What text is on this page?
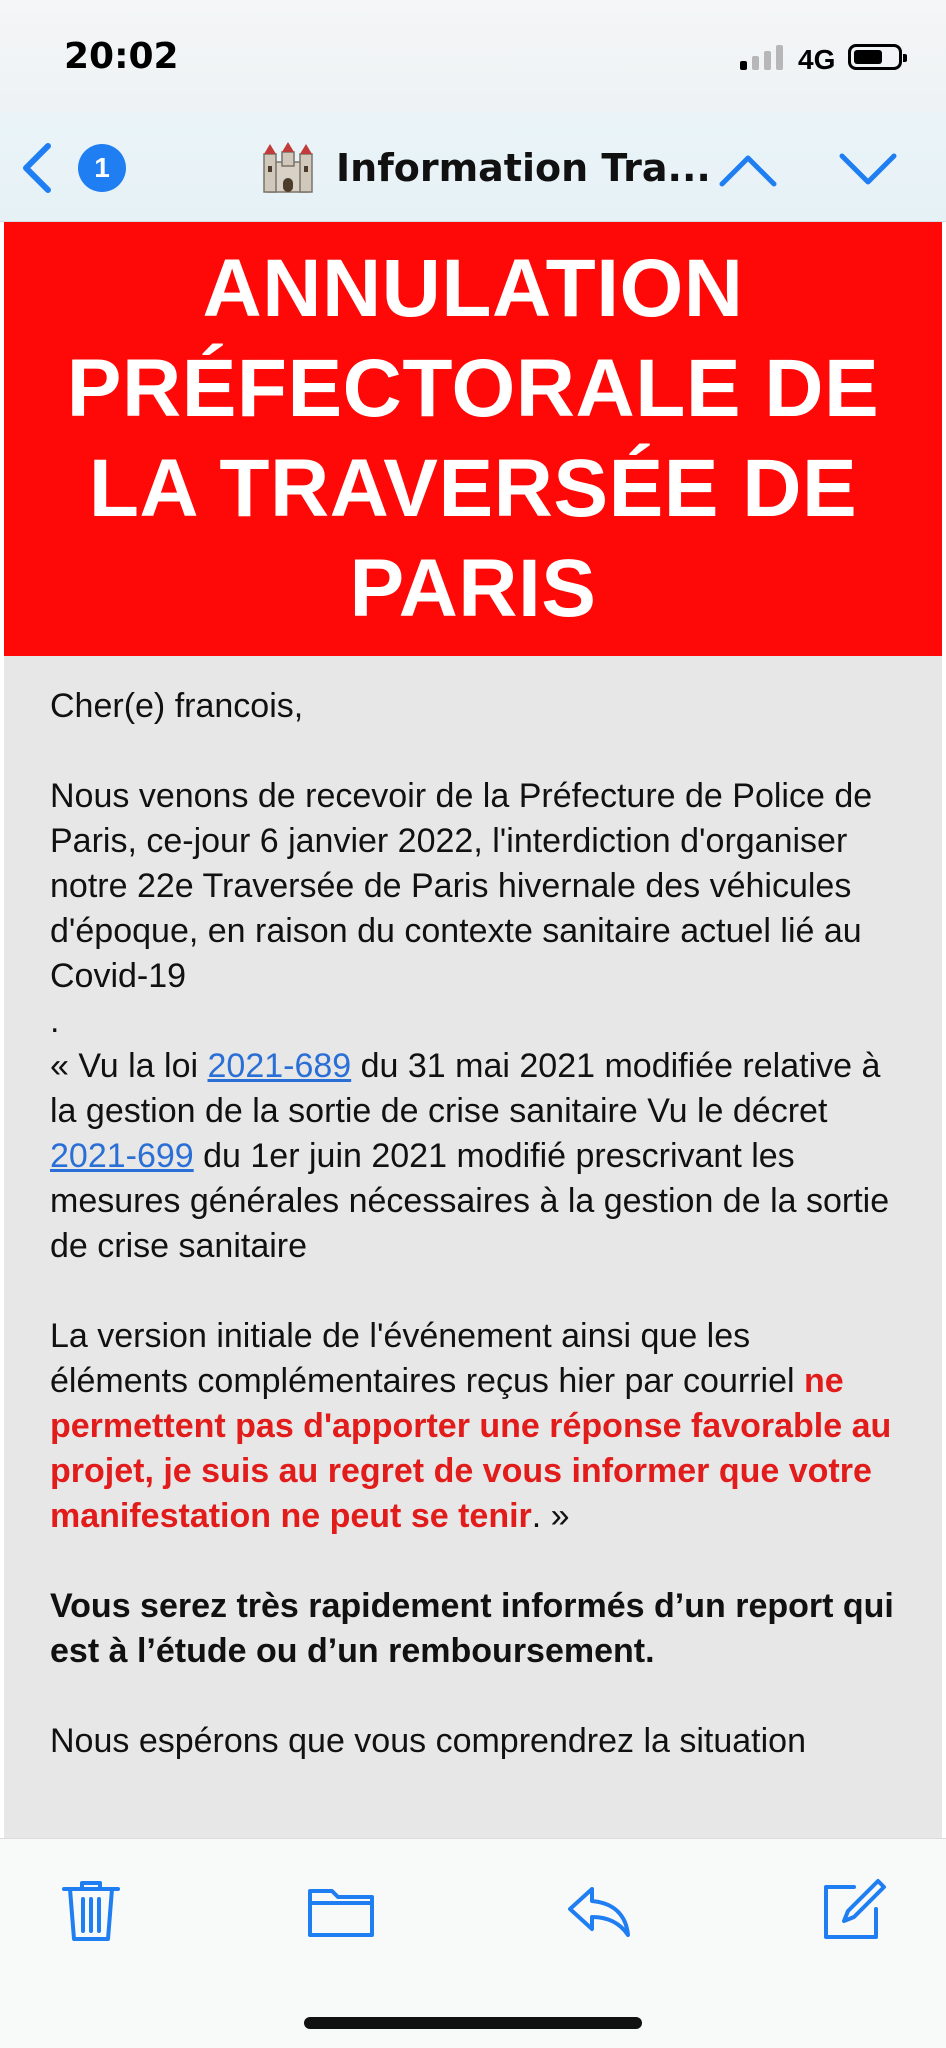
20:02	4G
1	Information Tra...
ANNULATION PRÉFECTORALE DE LA TRAVERSÉE DE PARIS

Cher(e) francois,

Nous venons de recevoir de la Préfecture de Police de Paris, ce-jour 6 janvier 2022, l'interdiction d'organiser notre 22e Traversée de Paris hivernale des véhicules d'époque, en raison du contexte sanitaire actuel lié au Covid-19

.

« Vu la loi 2021-689 du 31 mai 2021 modifiée relative à la gestion de la sortie de crise sanitaire Vu le décret 2021-699 du 1er juin 2021 modifié prescrivant les mesures générales nécessaires à la gestion de la sortie de crise sanitaire

La version initiale de l'événement ainsi que les éléments complémentaires reçus hier par courriel ne permettent pas d'apporter une réponse favorable au projet, je suis au regret de vous informer que votre manifestation ne peut se tenir. »

Vous serez très rapidement informés d’un report qui est à l’étude ou d’un remboursement.

Nous espérons que vous comprendrez la situation
